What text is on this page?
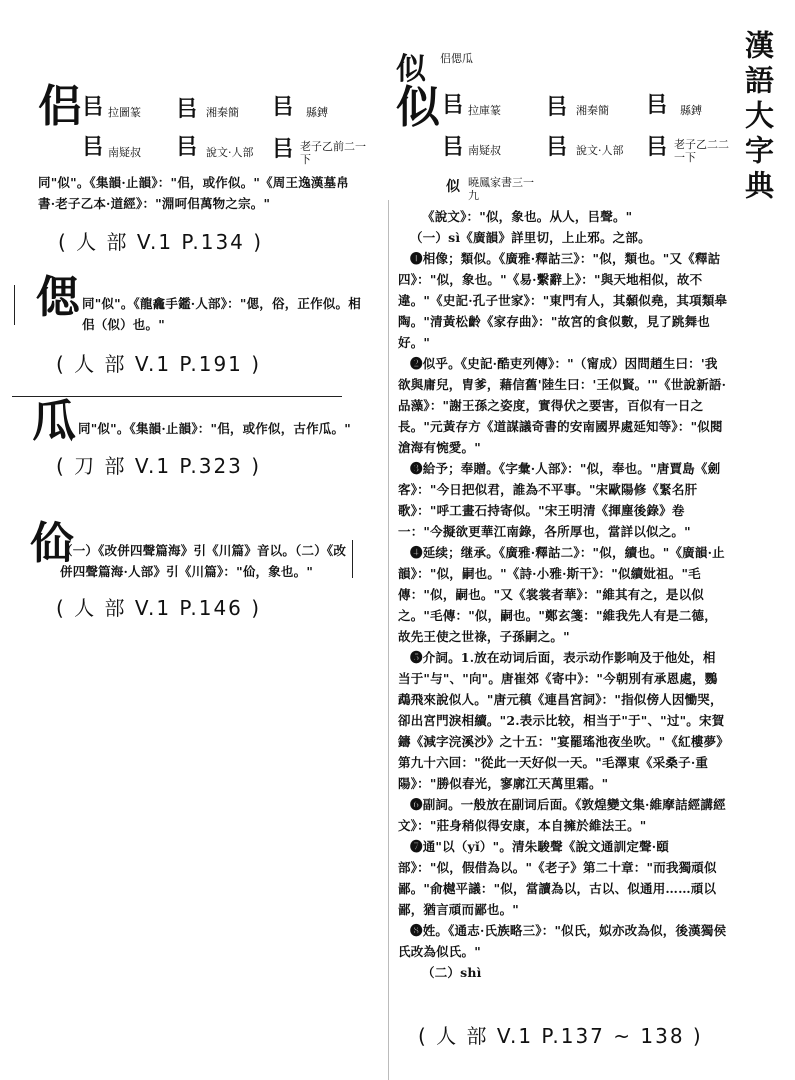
漢語大字典
侣 㠯 拉圖篆 㠯 湘秦簡 㠯 縣鎛
㠯 南疑叔 㠯 說文·人部 㠯 老子乙前二一下
同"似"。《集韻·止韻》："佀，或作似。"《周王逸漢墓帛書·老子乙本·道經》："淵呵佀萬物之宗。"
( 人 部 V.1 P.134 )
偲 同"似"。《龍龕手鑑·人部》："偲，俗，正作似。相佀（似）也。"
( 人 部 V.1 P.191 )
瓜 同"似"。《集韻·止韻》："佀，或作似，古作瓜。"
( 刀 部 V.1 P.323 )
佡
（一）《改併四聲篇海》引《川篇》音以。（二）《改併四聲篇海·人部》引《川篇》："佡，象也。"
( 人 部 V.1 P.146 )
似 侣偲瓜
似 㠯 拉庫篆 㠯 湘秦簡 㠯 縣鎛
㠯 南疑叔 㠯 說文·人部 㠯 老子乙二二一下
似 曉鳳家書三一九

《說文》："似，象也。从人，㠯聲。"

（一）sì《廣韻》詳里切，上止邪。之部。

❶相像；類似。《廣雅·釋詁三》："似，類也。"又《釋詁四》："似，象也。"《易·繫辭上》："與天地相似，故不違。"《史記·孔子世家》："東門有人，其顙似堯，其項類皋陶。"清黃松齡《家存曲》："故宮的食似數，見了跳舞也好。"

❷似乎。《史記·酷吏列傳》："（甯成）因問趙生曰：'我欲與庸兒，胄爹，藉信舊'陸生曰：'王似賢。'"《世說新語·品藻》："謝王孫之姿度，實得伏之要害，百似有一日之長。"元黃存方《道謀議奇書的安南國界處延知等》："似閱滄海有惋愛。"

❸給予；奉贈。《字彙·人部》："似，奉也。"唐賈島《劍客》："今日把似君，誰為不平事。"宋歐陽修《緊名肝歌》："呼工畫石持寄似。"宋王明清《揮塵後錄》卷一："今擬欲更華江南錄，各所厚也，當詳以似之。"

❹延续；继承。《廣雅·釋詁二》："似，續也。"《廣韻·止韻》："似，嗣也。"《詩·小雅·斯干》："似續妣祖。"毛傳："似，嗣也。"又《裳裳者華》："維其有之，是以似之。"毛傳："似，嗣也。"鄭玄箋："維我先人有是二德，故先王使之世祿，子孫嗣之。"

❺介詞。1.放在动词后面，表示动作影响及于他处，相当于"与"、"向"。唐崔郊《寄中》："今朝別有承恩處，鸚鵡飛來說似人。"唐元稹《連昌宮詞》："指似傍人因慟哭，卻出宮門淚相續。"2.表示比较，相当于"于"、"过"。宋賀鑄《減字浣溪沙》之十五："宴罷瑤池夜坐吹。"《紅樓夢》第九十六回："從此一天好似一天。"毛澤東《采桑子·重陽》："勝似春光，寥廓江天萬里霜。"

❻副詞。一般放在副词后面。《敦煌變文集·維摩詰經講經文》："莊身稍似得安康，本自擁於維法王。"

❼通"以（yǐ）"。清朱駿聲《說文通訓定聲·頤部》："似，假借為以。"《老子》第二十章："而我獨頑似鄙。"俞樾平議："似，當讀為以，古以、似通用……頑以鄙，猶言頑而鄙也。"

❽姓。《通志·氏族略三》："似氏，姒亦改為似，後漢獨侯氏改為似氏。"

（二）shì

( 人 部 V.1 P.137 ~ 138 )
